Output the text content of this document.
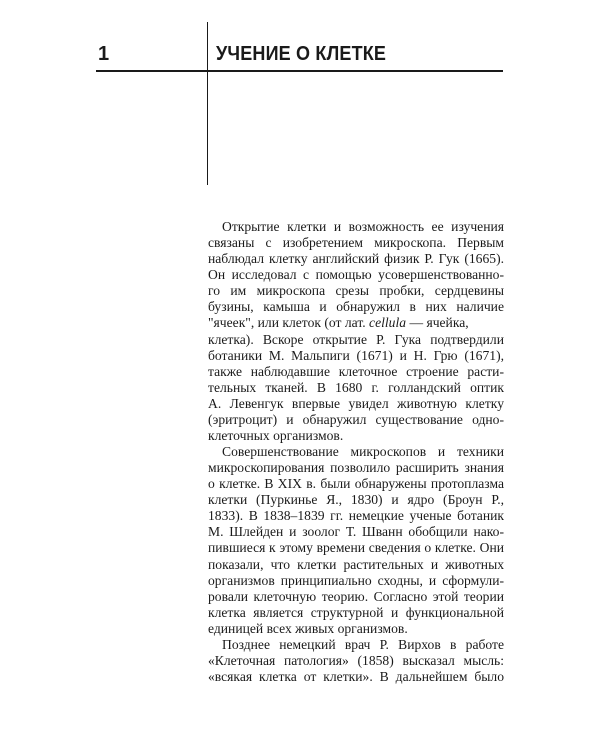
1	УЧЕНИЕ О КЛЕТКЕ
Открытие клетки и возможность ее изучения
связаны с изобретением микроскопа. Первым
наблюдал клетку английский физик Р. Гук (1665).
Он исследовал с помощью усовершенствованно-
го им микроскопа срезы пробки, сердцевины
бузины, камыша и обнаружил в них наличие
"ячеек", или клеток (от лат. cellula — ячейка,
клетка). Вскоре открытие Р. Гука подтвердили
ботаники М. Мальпиги (1671) и Н. Грю (1671),
также наблюдавшие клеточное строение расти-
тельных тканей. В 1680 г. голландский оптик
А. Левенгук впервые увидел животную клетку
(эритроцит) и обнаружил существование одно-
клеточных организмов.
Совершенствование микроскопов и техники
микроскопирования позволило расширить знания
о клетке. В XIX в. были обнаружены протоплазма
клетки (Пуркинье Я., 1830) и ядро (Броун Р.,
1833). В 1838–1839 гг. немецкие ученые ботаник
М. Шлейден и зоолог Т. Шванн обобщили нако-
пившиеся к этому времени сведения о клетке. Они
показали, что клетки растительных и животных
организмов принципиально сходны, и сформули-
ровали клеточную теорию. Согласно этой теории
клетка является структурной и функциональной
единицей всех живых организмов.
Позднее немецкий врач Р. Вирхов в работе
«Клеточная патология» (1858) высказал мысль:
«всякая клетка от клетки». В дальнейшем было
